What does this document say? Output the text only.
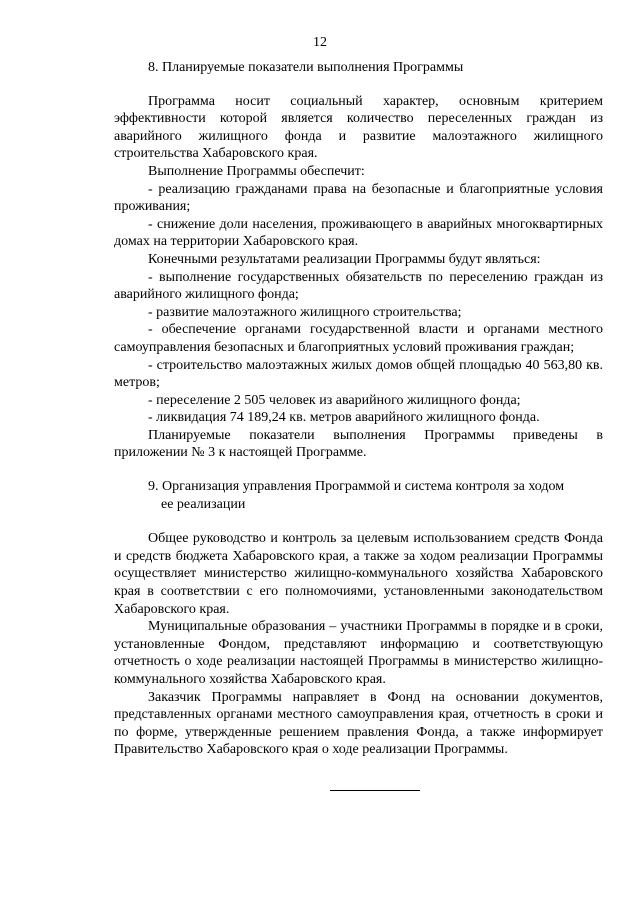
12
8. Планируемые показатели выполнения Программы

Программа носит социальный характер, основным критерием эффективности которой является количество переселенных граждан из аварийного жилищного фонда и развитие малоэтажного жилищного строительства Хабаровского края.

Выполнение Программы обеспечит:

- реализацию гражданами права на безопасные и благоприятные условия проживания;

- снижение доли населения, проживающего в аварийных многоквартирных домах на территории Хабаровского края.

Конечными результатами реализации Программы будут являться:

- выполнение государственных обязательств по переселению граждан из аварийного жилищного фонда;

- развитие малоэтажного жилищного строительства;

- обеспечение органами государственной власти и органами местного самоуправления безопасных и благоприятных условий проживания граждан;

- строительство малоэтажных жилых домов общей площадью 40 563,80 кв. метров;

- переселение 2 505 человек из аварийного жилищного фонда;

- ликвидация 74 189,24 кв. метров аварийного жилищного фонда.

Планируемые показатели выполнения Программы приведены в приложении № 3 к настоящей Программе.

9. Организация управления Программой и система контроля за ходом
ее реализации

Общее руководство и контроль за целевым использованием средств Фонда и средств бюджета Хабаровского края, а также за ходом реализации Программы осуществляет министерство жилищно-коммунального хозяйства Хабаровского края в соответствии с его полномочиями, установленными законодательством Хабаровского края.

Муниципальные образования – участники Программы в порядке и в сроки, установленные Фондом, представляют информацию и соответствующую отчетность о ходе реализации настоящей Программы в министерство жилищно-коммунального хозяйства Хабаровского края.

Заказчик Программы направляет в Фонд на основании документов, представленных органами местного самоуправления края, отчетность в сроки и по форме, утвержденные решением правления Фонда, а также информирует Правительство Хабаровского края о ходе реализации Программы.
